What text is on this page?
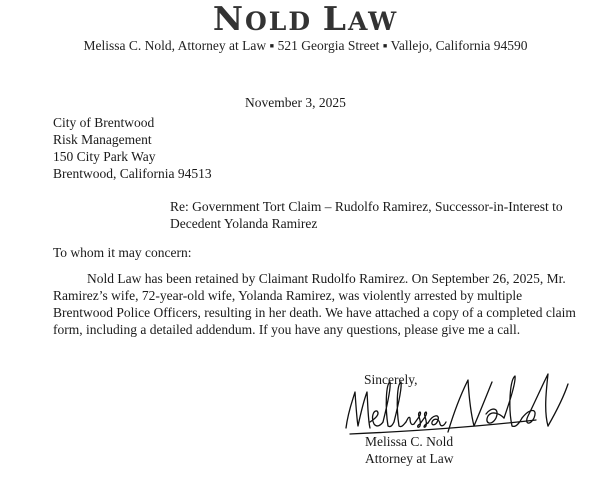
NOLD LAW
Melissa C. Nold, Attorney at Law ▪ 521 Georgia Street ▪ Vallejo, California 94590
November 3, 2025
City of Brentwood
Risk Management
150 City Park Way
Brentwood, California 94513
Re: Government Tort Claim – Rudolfo Ramirez, Successor-in-Interest to
Decedent Yolanda Ramirez
To whom it may concern:
Nold Law has been retained by Claimant Rudolfo Ramirez. On September 26, 2025, Mr.
Ramirez’s wife, 72-year-old wife, Yolanda Ramirez, was violently arrested by multiple
Brentwood Police Officers, resulting in her death. We have attached a copy of a completed claim
form, including a detailed addendum. If you have any questions, please give me a call.
Sincerely,
Melissa C. Nold
Attorney at Law
